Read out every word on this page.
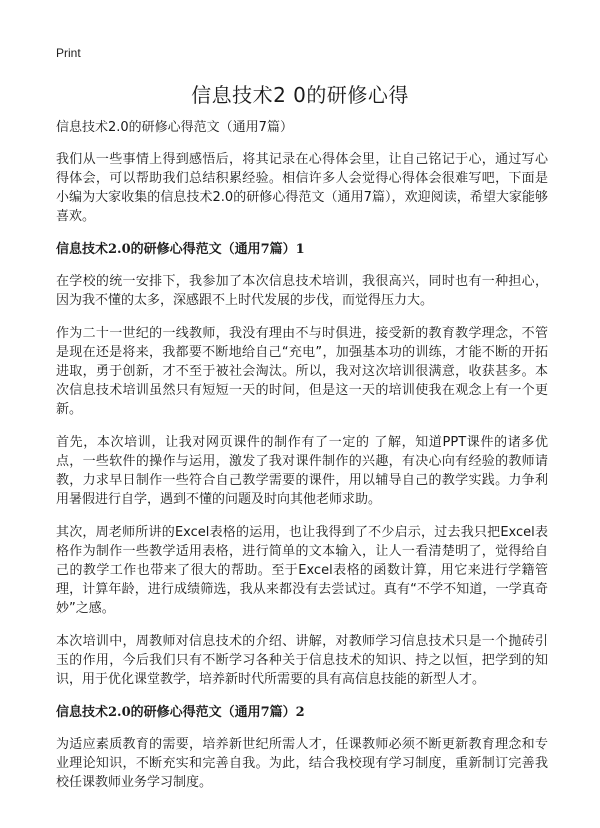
Print
信息技术2 0的研修心得

信息技术2.0的研修心得范文（通用7篇）

我们从一些事情上得到感悟后，将其记录在心得体会里，让自己铭记于心，通过写心得体会，可以帮助我们总结积累经验。相信许多人会觉得心得体会很难写吧，下面是小编为大家收集的信息技术2.0的研修心得范文（通用7篇），欢迎阅读，希望大家能够喜欢。

信息技术2.0的研修心得范文（通用7篇）1

在学校的统一安排下，我参加了本次信息技术培训，我很高兴，同时也有一种担心，因为我不懂的太多，深感跟不上时代发展的步伐，而觉得压力大。

作为二十一世纪的一线教师，我没有理由不与时俱进，接受新的教育教学理念，不管是现在还是将来，我都要不断地给自己“充电”，加强基本功的训练，才能不断的开拓进取，勇于创新，才不至于被社会淘汰。所以，我对这次培训很满意，收获甚多。本次信息技术培训虽然只有短短一天的时间，但是这一天的培训使我在观念上有一个更新。

首先，本次培训，让我对网页课件的制作有了一定的 了解，知道PPT课件的诸多优点，一些软件的操作与运用，激发了我对课件制作的兴趣，有决心向有经验的教师请教，力求早日制作一些符合自己教学需要的课件，用以辅导自己的教学实践。力争利用暑假进行自学，遇到不懂的问题及时向其他老师求助。

其次，周老师所讲的Excel表格的运用，也让我得到了不少启示，过去我只把Excel表格作为制作一些教学适用表格，进行简单的文本输入，让人一看清楚明了，觉得给自己的教学工作也带来了很大的帮助。至于Excel表格的函数计算，用它来进行学籍管理，计算年龄，进行成绩筛选，我从来都没有去尝试过。真有“不学不知道，一学真奇妙”之感。

本次培训中，周教师对信息技术的介绍、讲解，对教师学习信息技术只是一个抛砖引玉的作用，今后我们只有不断学习各种关于信息技术的知识、持之以恒，把学到的知识，用于优化课堂教学，培养新时代所需要的具有高信息技能的新型人才。

信息技术2.0的研修心得范文（通用7篇）2

为适应素质教育的需要，培养新世纪所需人才，任课教师必须不断更新教育理念和专业理论知识，不断充实和完善自我。为此，结合我校现有学习制度，重新制订完善我校任课教师业务学习制度。
